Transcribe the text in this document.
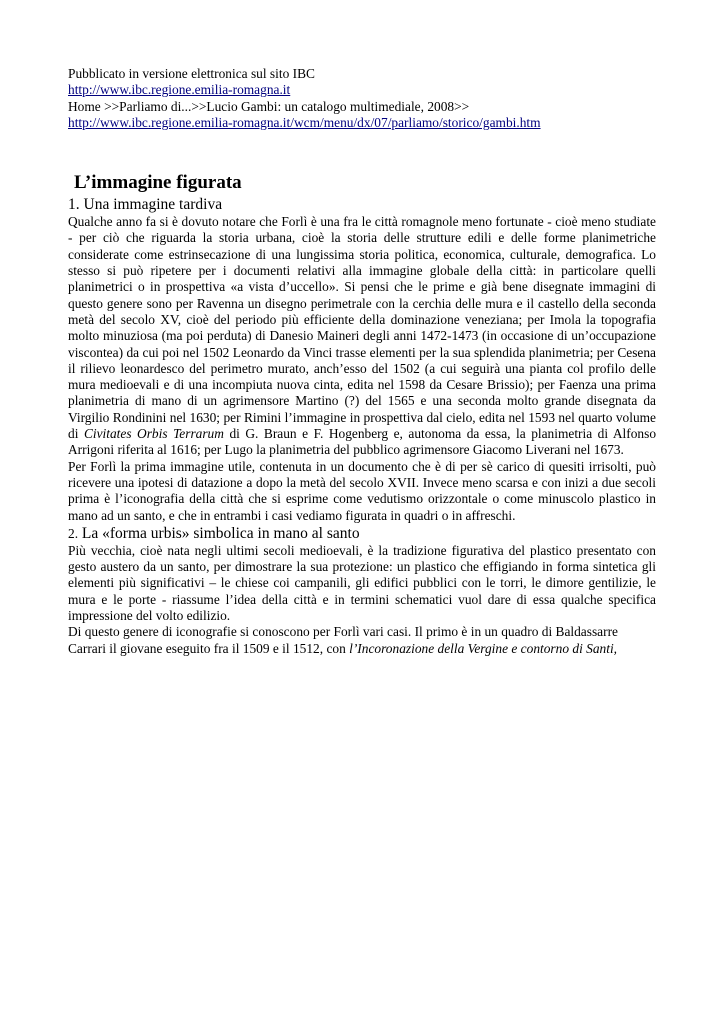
Pubblicato in versione elettronica sul sito IBC

http://www.ibc.regione.emilia-romagna.it

Home >>Parliamo di...>>Lucio Gambi: un catalogo multimediale, 2008>>

http://www.ibc.regione.emilia-romagna.it/wcm/menu/dx/07/parliamo/storico/gambi.htm

L’immagine figurata
1. Una immagine tardiva

Qualche anno fa si è dovuto notare che Forlì è una fra le città romagnole meno fortunate - cioè meno studiate - per ciò che riguarda la storia urbana, cioè la storia delle strutture edili e delle forme planimetriche considerate come estrinsecazione di una lungissima storia politica, economica, culturale, demografica. Lo stesso si può ripetere per i documenti relativi alla immagine globale della città: in particolare quelli planimetrici o in prospettiva «a vista d’uccello». Si pensi che le prime e già bene disegnate immagini di questo genere sono per Ravenna un disegno perimetrale con la cerchia delle mura e il castello della seconda metà del secolo XV, cioè del periodo più efficiente della dominazione veneziana; per Imola la topografia molto minuziosa (ma poi perduta) di Danesio Maineri degli anni 1472-1473 (in occasione di un’occupazione viscontea) da cui poi nel 1502 Leonardo da Vinci trasse elementi per la sua splendida planimetria; per Cesena il rilievo leonardesco del perimetro murato, anch’esso del 1502 (a cui seguirà una pianta col profilo delle mura medioevali e di una incompiuta nuova cinta, edita nel 1598 da Cesare Brissio); per Faenza una prima planimetria di mano di un agrimensore Martino (?) del 1565 e una seconda molto grande disegnata da Virgilio Rondinini nel 1630; per Rimini l’immagine in prospettiva dal cielo, edita nel 1593 nel quarto volume di Civitates Orbis Terrarum di G. Braun e F. Hogenberg e, autonoma da essa, la planimetria di Alfonso Arrigoni riferita al 1616; per Lugo la planimetria del pubblico agrimensore Giacomo Liverani nel 1673.

Per Forlì la prima immagine utile, contenuta in un documento che è di per sè carico di quesiti irrisolti, può ricevere una ipotesi di datazione a dopo la metà del secolo XVII. Invece meno scarsa e con inizi a due secoli prima è l’iconografia della città che si esprime come vedutismo orizzontale o come minuscolo plastico in mano ad un santo, e che in entrambi i casi vediamo figurata in quadri o in affreschi.

2. La «forma urbis» simbolica in mano al santo

Più vecchia, cioè nata negli ultimi secoli medioevali, è la tradizione figurativa del plastico presentato con gesto austero da un santo, per dimostrare la sua protezione: un plastico che effigiando in forma sintetica gli elementi più significativi – le chiese coi campanili, gli edifici pubblici con le torri, le dimore gentilizie, le mura e le porte - riassume l’idea della città e in termini schematici vuol dare di essa qualche specifica impressione del volto edilizio.

Di questo genere di iconografie si conoscono per Forlì vari casi. Il primo è in un quadro di Baldassarre Carrari il giovane eseguito fra il 1509 e il 1512, con l’Incoronazione della Vergine e contorno di Santi,
